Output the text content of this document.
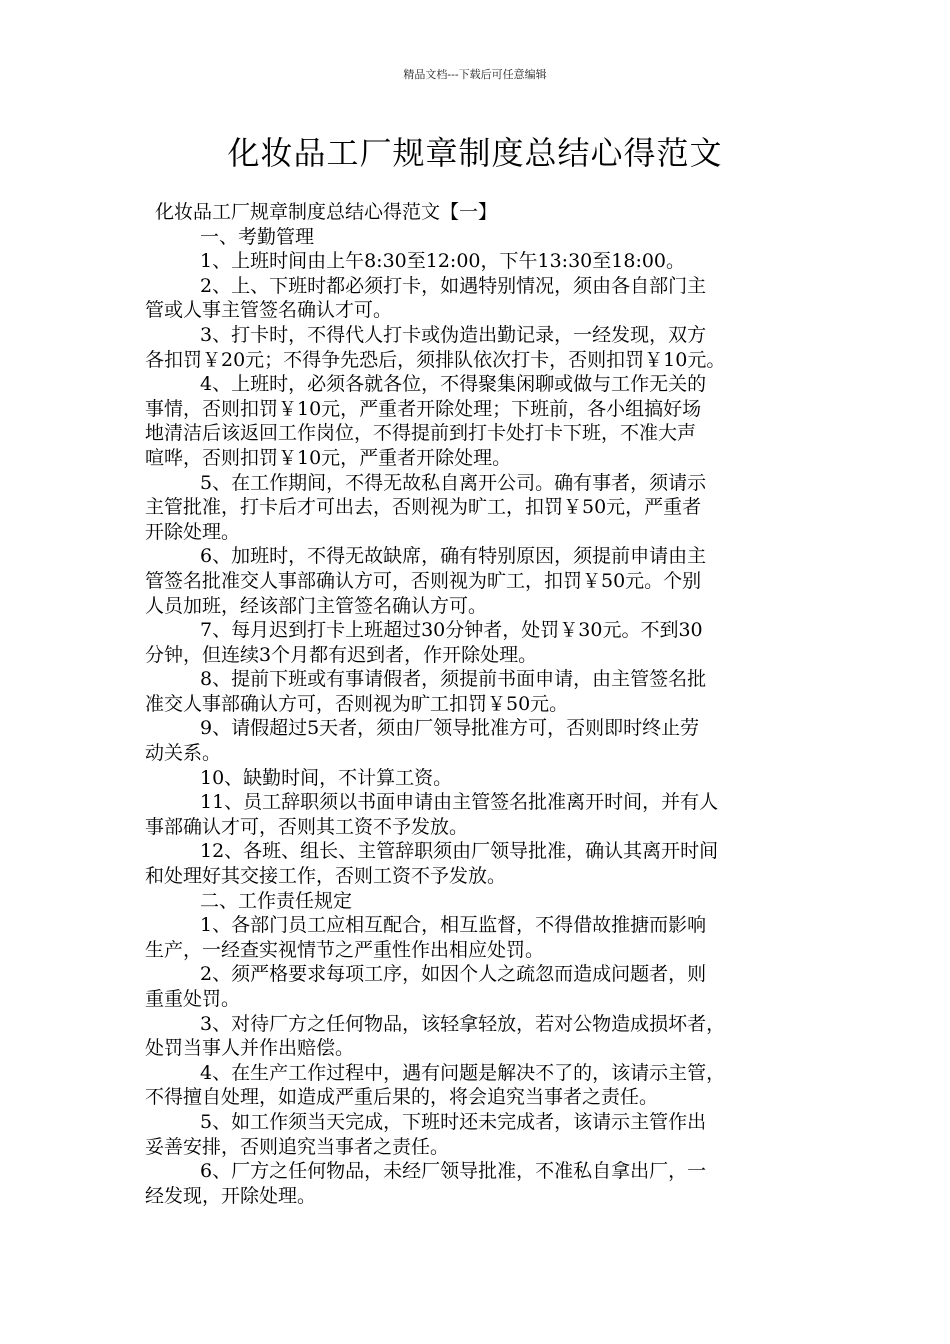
精品文档---下载后可任意编辑
化妆品工厂规章制度总结心得范文
化妆品工厂规章制度总结心得范文【一】
一、考勤管理
1、上班时间由上午8:30至12:00，下午13:30至18:00。
2、上、下班时都必须打卡，如遇特别情况，须由各自部门主
管或人事主管签名确认才可。
3、打卡时，不得代人打卡或伪造出勤记录，一经发现，双方
各扣罚￥20元；不得争先恐后，须排队依次打卡，否则扣罚￥10元。
4、上班时，必须各就各位，不得聚集闲聊或做与工作无关的
事情，否则扣罚￥10元，严重者开除处理；下班前，各小组搞好场
地清洁后该返回工作岗位，不得提前到打卡处打卡下班，不准大声
喧哗，否则扣罚￥10元，严重者开除处理。
5、在工作期间，不得无故私自离开公司。确有事者，须请示
主管批准，打卡后才可出去，否则视为旷工，扣罚￥50元，严重者
开除处理。
6、加班时，不得无故缺席，确有特别原因，须提前申请由主
管签名批准交人事部确认方可，否则视为旷工，扣罚￥50元。个别
人员加班，经该部门主管签名确认方可。
7、每月迟到打卡上班超过30分钟者，处罚￥30元。不到30
分钟，但连续3个月都有迟到者，作开除处理。
8、提前下班或有事请假者，须提前书面申请，由主管签名批
准交人事部确认方可，否则视为旷工扣罚￥50元。
9、请假超过5天者，须由厂领导批准方可，否则即时终止劳
动关系。
10、缺勤时间，不计算工资。
11、员工辞职须以书面申请由主管签名批准离开时间，并有人
事部确认才可，否则其工资不予发放。
12、各班、组长、主管辞职须由厂领导批准，确认其离开时间
和处理好其交接工作，否则工资不予发放。
二、工作责任规定
1、各部门员工应相互配合，相互监督，不得借故推搪而影响
生产，一经查实视情节之严重性作出相应处罚。
2、须严格要求每项工序，如因个人之疏忽而造成问题者，则
重重处罚。
3、对待厂方之任何物品，该轻拿轻放，若对公物造成损坏者，
处罚当事人并作出赔偿。
4、在生产工作过程中，遇有问题是解决不了的，该请示主管，
不得擅自处理，如造成严重后果的，将会追究当事者之责任。
5、如工作须当天完成，下班时还未完成者，该请示主管作出
妥善安排，否则追究当事者之责任。
6、厂方之任何物品，未经厂领导批准，不准私自拿出厂，一
经发现，开除处理。
